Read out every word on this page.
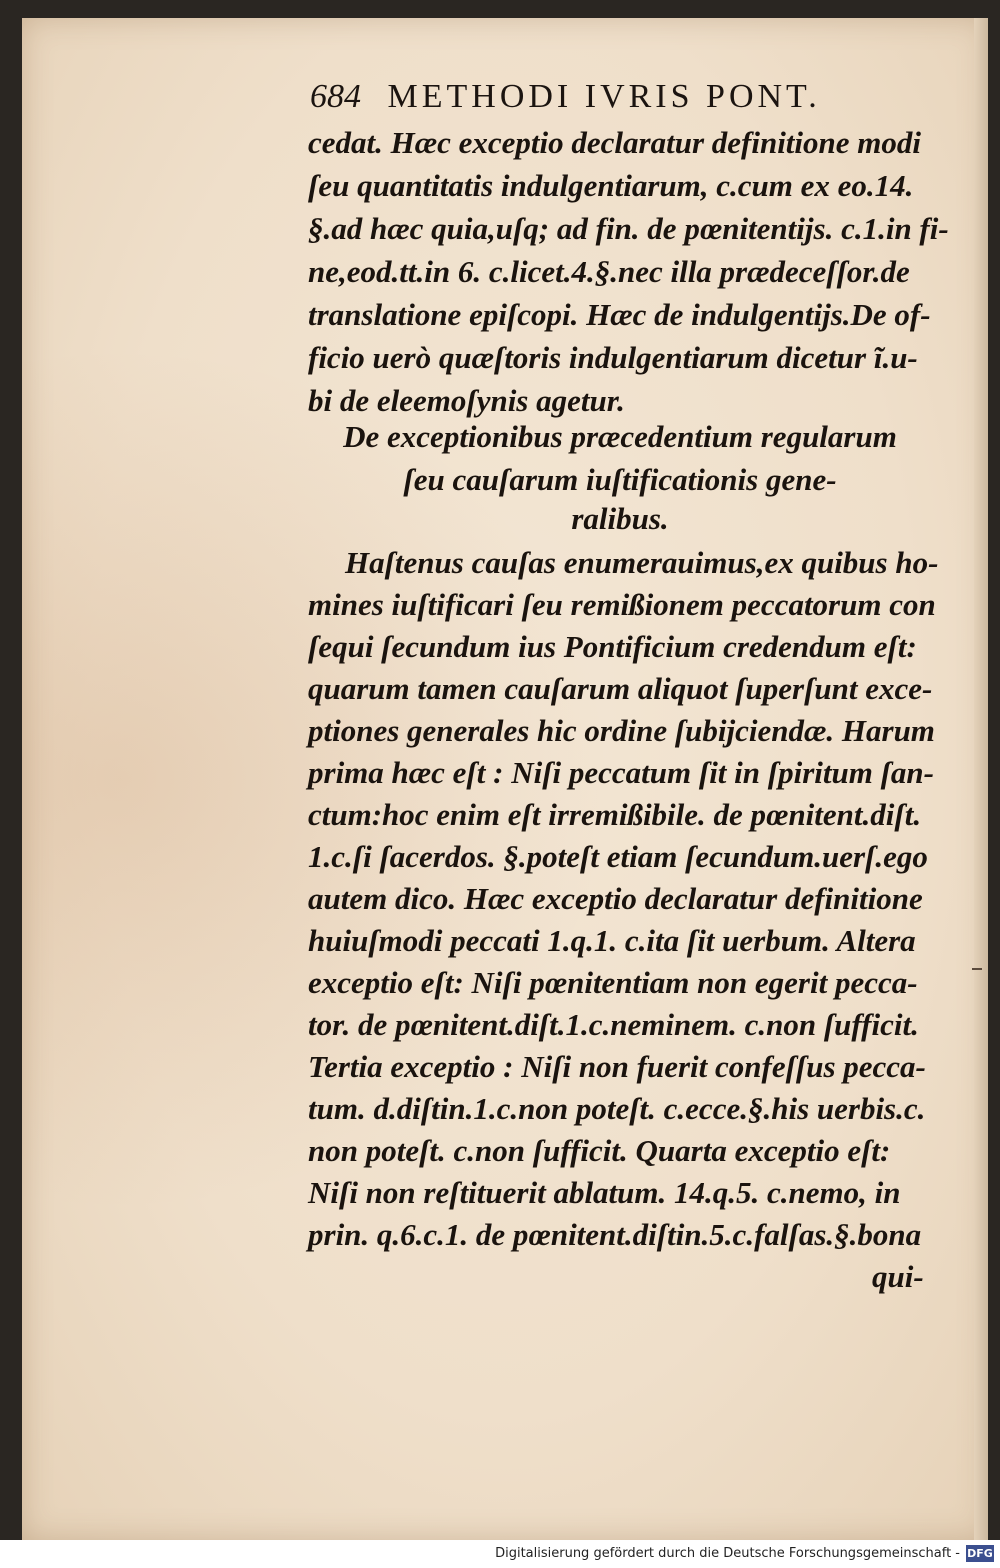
684 METHODI IVRIS PONT.
cedat. Hæc exceptio declaratur definitione modi
ſeu quantitatis indulgentiarum, c.cum ex eo.14.
§.ad hæc quia,uſq; ad fin. de pœnitentijs. c.1.in fi-
ne,eod.tt.in 6. c.licet.4.§.nec illa prædeceſſor.de
translatione epiſcopi. Hæc de indulgentijs.De of-
ficio uerò quæſtoris indulgentiarum dicetur ĩ.u-
bi de eleemoſynis agetur.
De exceptionibus præcedentium regularum
ſeu cauſarum iuſtificationis gene-
ralibus.
Haſtenus cauſas enumerauimus,ex quibus ho-
mines iuſtificari ſeu remißionem peccatorum con
ſequi ſecundum ius Pontificium credendum eſt:
quarum tamen cauſarum aliquot ſuperſunt exce-
ptiones generales hic ordine ſubijciendæ. Harum
prima hæc eſt : Niſi peccatum ſit in ſpiritum ſan-
ctum:hoc enim eſt irremißibile. de pœnitent.diſt.
1.c.ſi ſacerdos. §.poteſt etiam ſecundum.uerſ.ego
autem dico. Hæc exceptio declaratur definitione
huiuſmodi peccati 1.q.1. c.ita ſit uerbum. Altera
exceptio eſt: Niſi pœnitentiam non egerit pecca-
tor. de pœnitent.diſt.1.c.neminem. c.non ſufficit.
Tertia exceptio : Niſi non fuerit confeſſus pecca-
tum. d.diſtin.1.c.non poteſt. c.ecce.§.his uerbis.c.
non poteſt. c.non ſufficit. Quarta exceptio eſt:
Niſi non reſtituerit ablatum. 14.q.5. c.nemo, in
prin. q.6.c.1. de pœnitent.diſtin.5.c.falſas.§.bona
qui-
Digitalisierung gefördert durch die Deutsche Forschungsgemeinschaft - DFG
